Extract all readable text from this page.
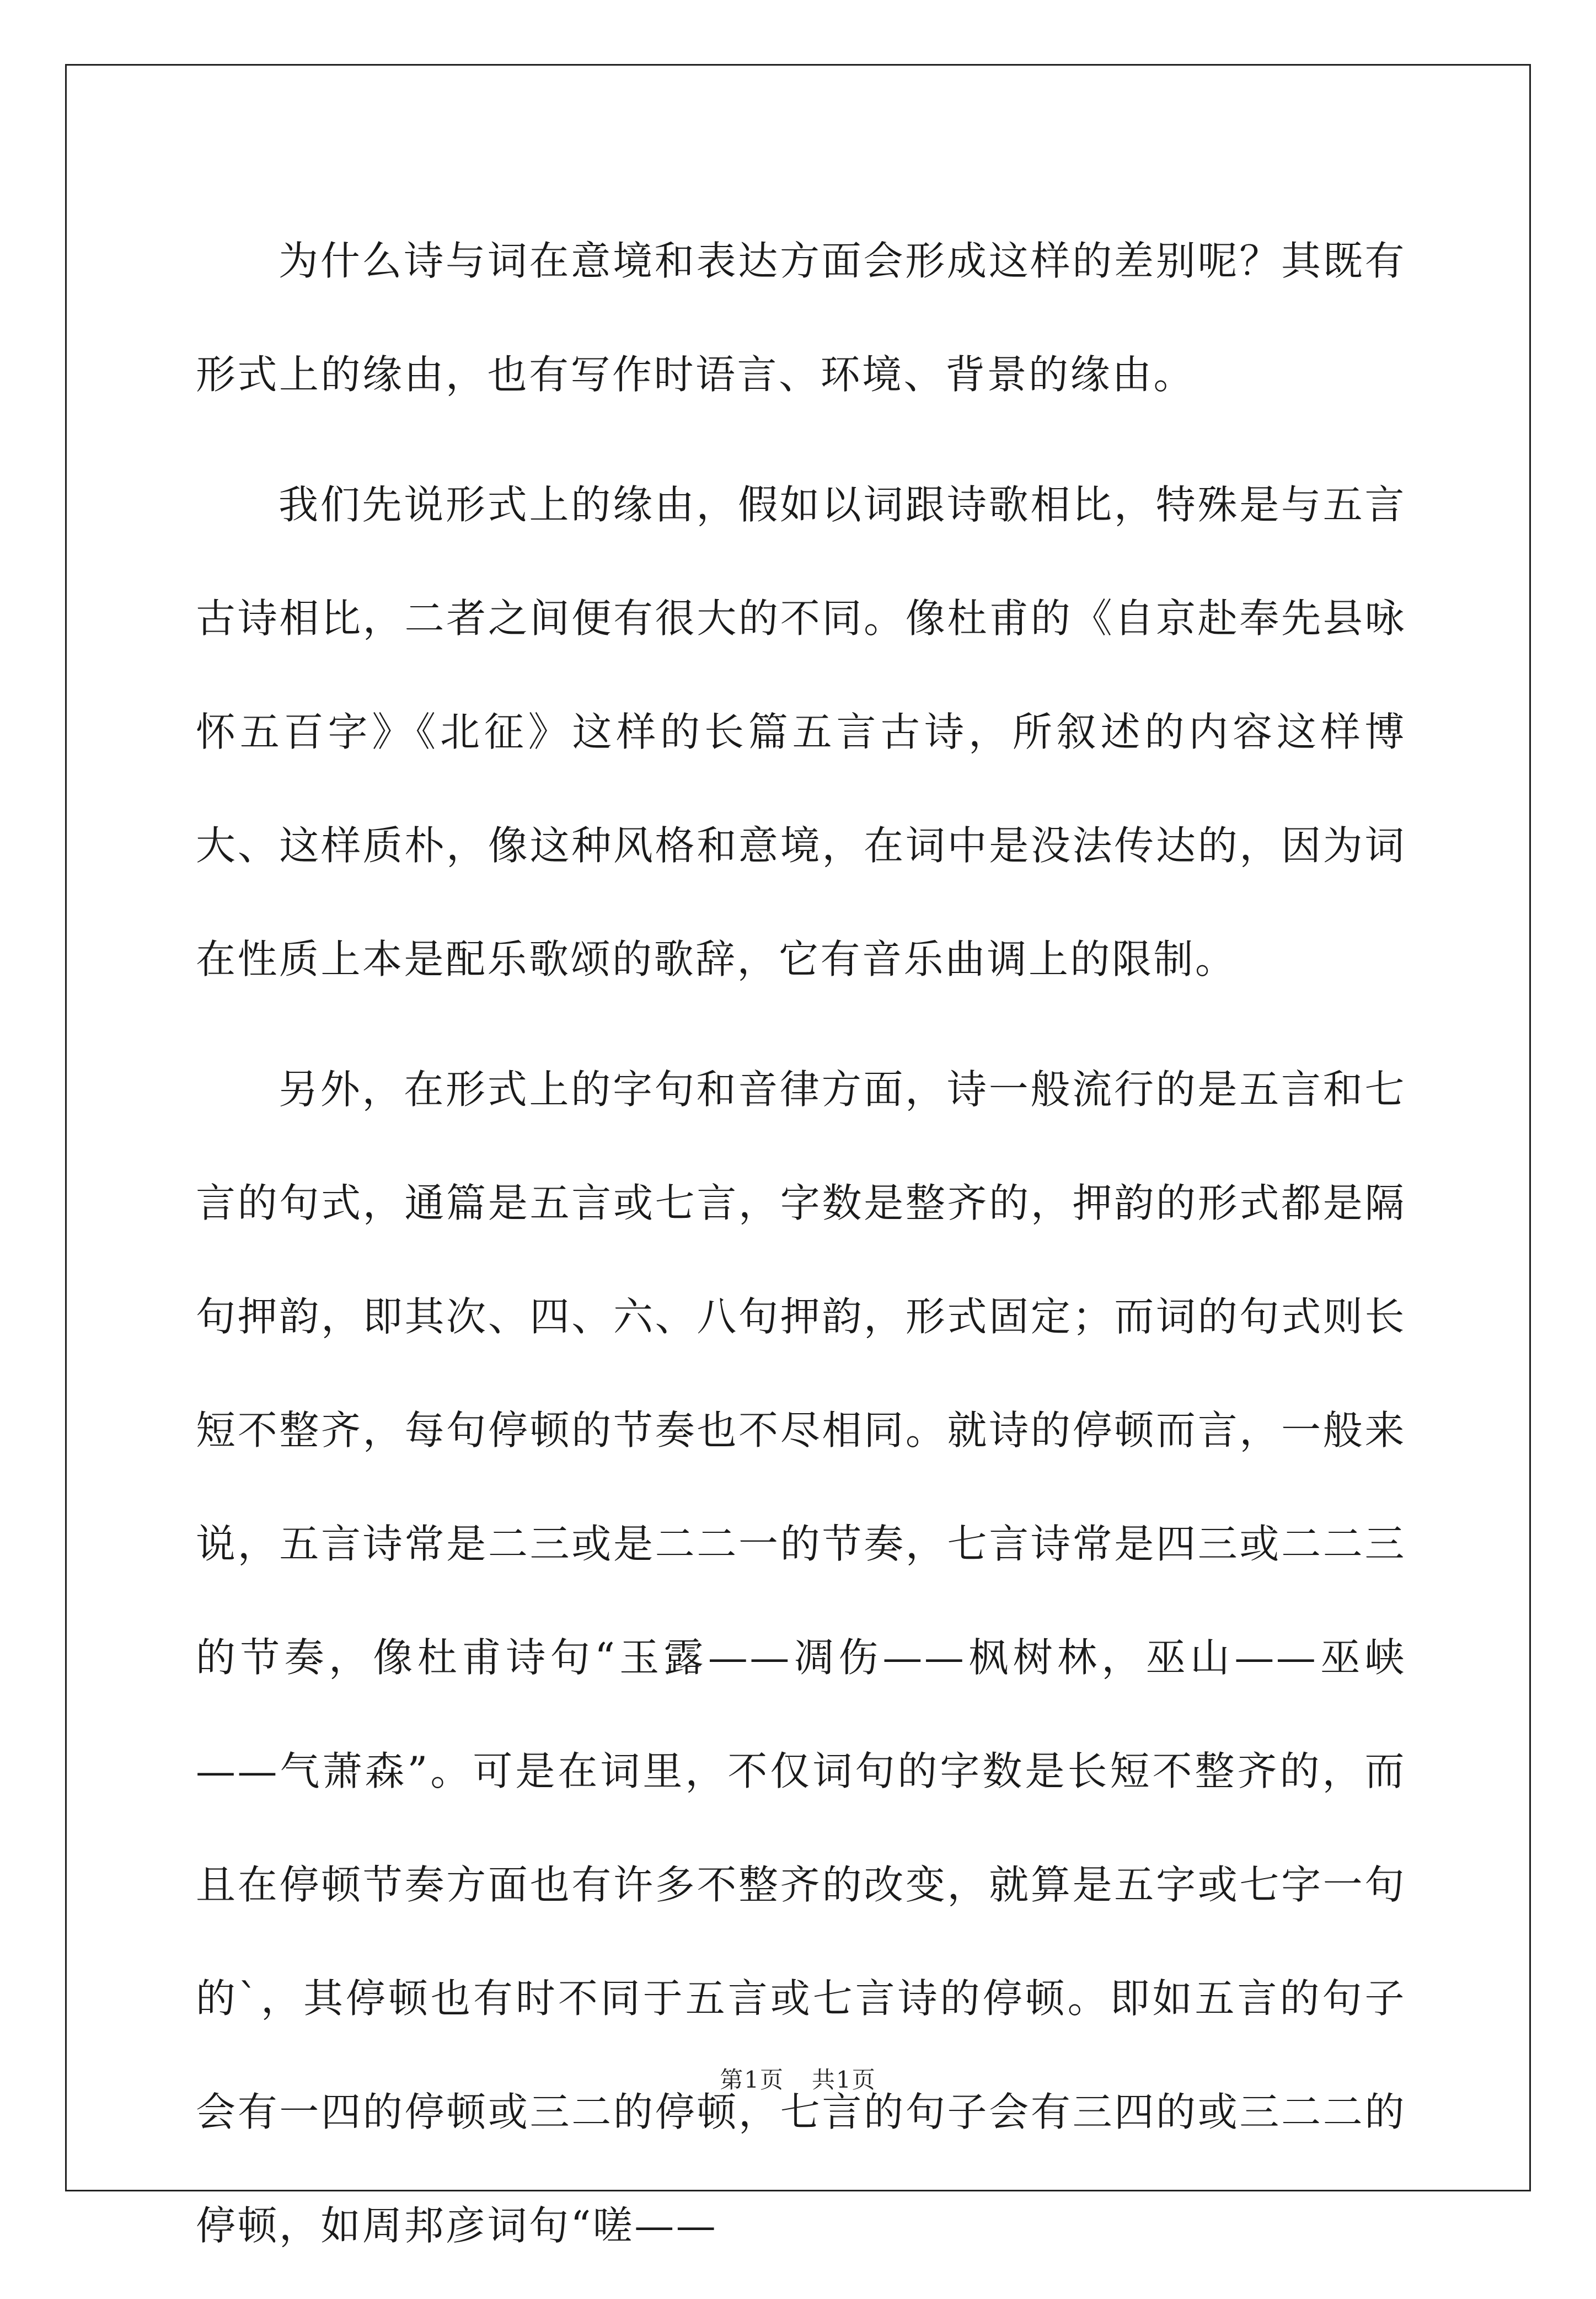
为什么诗与词在意境和表达方面会形成这样的差别呢？其既有形式上的缘由，也有写作时语言、环境、背景的缘由。

我们先说形式上的缘由，假如以词跟诗歌相比，特殊是与五言古诗相比，二者之间便有很大的不同。像杜甫的《自京赴奉先县咏怀五百字》《北征》这样的长篇五言古诗，所叙述的内容这样博大、这样质朴，像这种风格和意境，在词中是没法传达的，因为词在性质上本是配乐歌颂的歌辞，它有音乐曲调上的限制。

另外，在形式上的字句和音律方面，诗一般流行的是五言和七言的句式，通篇是五言或七言，字数是整齐的，押韵的形式都是隔句押韵，即其次、四、六、八句押韵，形式固定；而词的句式则长短不整齐，每句停顿的节奏也不尽相同。就诗的停顿而言，一般来说，五言诗常是二三或是二二一的节奏，七言诗常是四三或二二三的节奏，像杜甫诗句“玉露——凋伤——枫树林，巫山——巫峡——气萧森”。可是在词里，不仅词句的字数是长短不整齐的，而且在停顿节奏方面也有许多不整齐的改变，就算是五字或七字一句的`，其停顿也有时不同于五言或七言诗的停顿。即如五言的句子会有一四的停顿或三二的停顿，七言的句子会有三四的或三二二的停顿，如周邦彦词句“嗟——

第1页 共1页
